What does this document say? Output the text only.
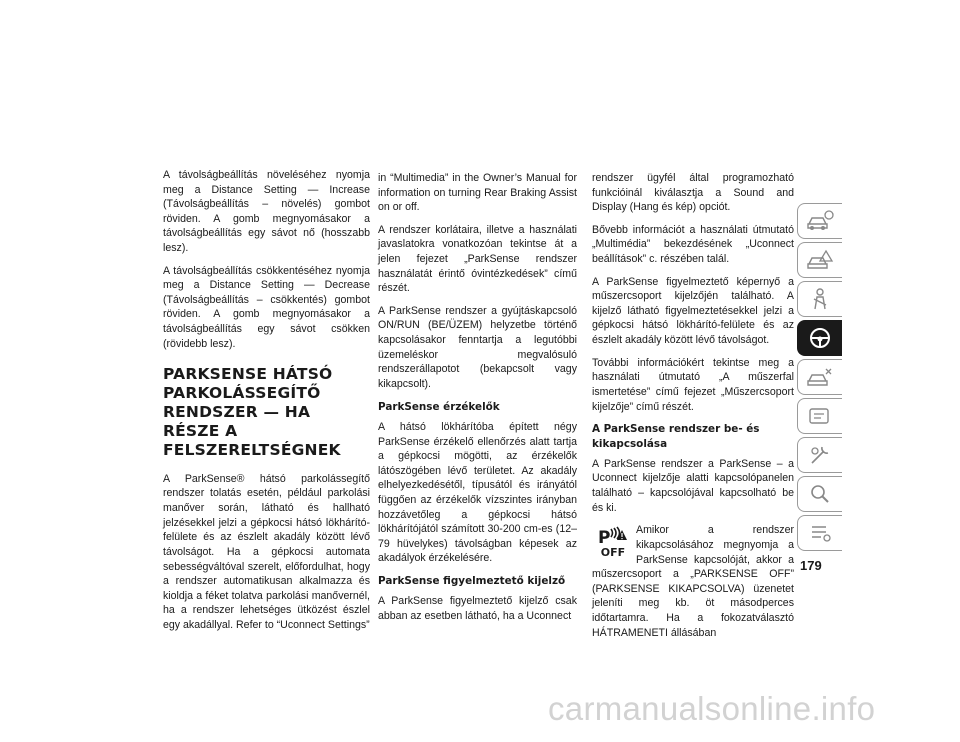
A távolságbeállítás növeléséhez nyomja meg a Distance Setting — Increase (Távolságbeállítás – növelés) gombot röviden. A gomb megnyomásakor a távolságbeállítás egy sávot nő (hosszabb lesz).

A távolságbeállítás csökkentéséhez nyomja meg a Distance Setting — Decrease (Távolságbeállítás – csökkentés) gombot röviden. A gomb megnyomásakor a távolságbeállítás egy sávot csökken (rövidebb lesz).

PARKSENSE HÁTSÓ PARKOLÁSSEGÍTŐ RENDSZER — HA RÉSZE A FELSZERELTSÉGNEK

A ParkSense® hátsó parkolássegítő rendszer tolatás esetén, például parkolási manőver során, látható és hallható jelzésekkel jelzi a gépkocsi hátsó lökhárító-felülete és az észlelt akadály között lévő távolságot. Ha a gépkocsi automata sebességváltóval szerelt, előfordulhat, hogy a rendszer automatikusan alkalmazza és kioldja a féket tolatva parkolási manővernél, ha a rendszer lehetséges ütközést észlel egy akadállyal. Refer to “Uconnect Settings”

in “Multimedia” in the Owner’s Manual for information on turning Rear Braking Assist on or off.

A rendszer korlátaira, illetve a használati javaslatokra vonatkozóan tekintse át a jelen fejezet „ParkSense rendszer használatát érintő óvintézkedések” című részét.

A ParkSense rendszer a gyújtáskapcsoló ON/RUN (BE/ÜZEM) helyzetbe történő kapcsolásakor fenntartja a legutóbbi üzemeléskor megvalósuló rendszerállapotot (bekapcsolt vagy kikapcsolt).

ParkSense érzékelők

A hátsó lökhárítóba épített négy ParkSense érzékelő ellenőrzés alatt tartja a gépkocsi mögötti, az érzékelők látószögében lévő területet. Az akadály elhelyezkedésétől, típusától és irányától függően az érzékelők vízszintes irányban hozzávetőleg a gépkocsi hátsó lökhárítójától számított 30-200 cm-es (12–79 hüvelykes) távolságban képesek az akadályok érzékelésére.

ParkSense figyelmeztető kijelző

A ParkSense figyelmeztető kijelző csak abban az esetben látható, ha a Uconnect

rendszer ügyfél által programozható funkcióinál kiválasztja a Sound and Display (Hang és kép) opciót.

Bővebb információt a használati útmutató „Multimédia” bekezdésének „Uconnect beállítások” c. részében talál.

A ParkSense figyelmeztető képernyő a műszercsoport kijelzőjén található. A kijelző látható figyelmeztetésekkel jelzi a gépkocsi hátsó lökhárító-felülete és az észlelt akadály között lévő távolságot.

További információkért tekintse meg a használati útmutató „A műszerfal ismertetése” című fejezet „Műszercsoport kijelzője” című részét.

A ParkSense rendszer be- és kikapcsolása

A ParkSense rendszer a ParkSense – a Uconnect kijelzője alatti kapcsolópanelen található – kapcsolójával kapcsolható be és ki.

P
OFF

Amikor a rendszer kikapcsolásához megnyomja a ParkSense kapcsolóját, akkor a műszercsoport a „PARKSENSE OFF” (PARKSENSE KIKAPCSOLVA) üzenetet jeleníti meg kb. öt másodperces időtartamra. Ha a fokozatválasztó HÁTRAMENETI állásában

179
carmanualsonline.info
